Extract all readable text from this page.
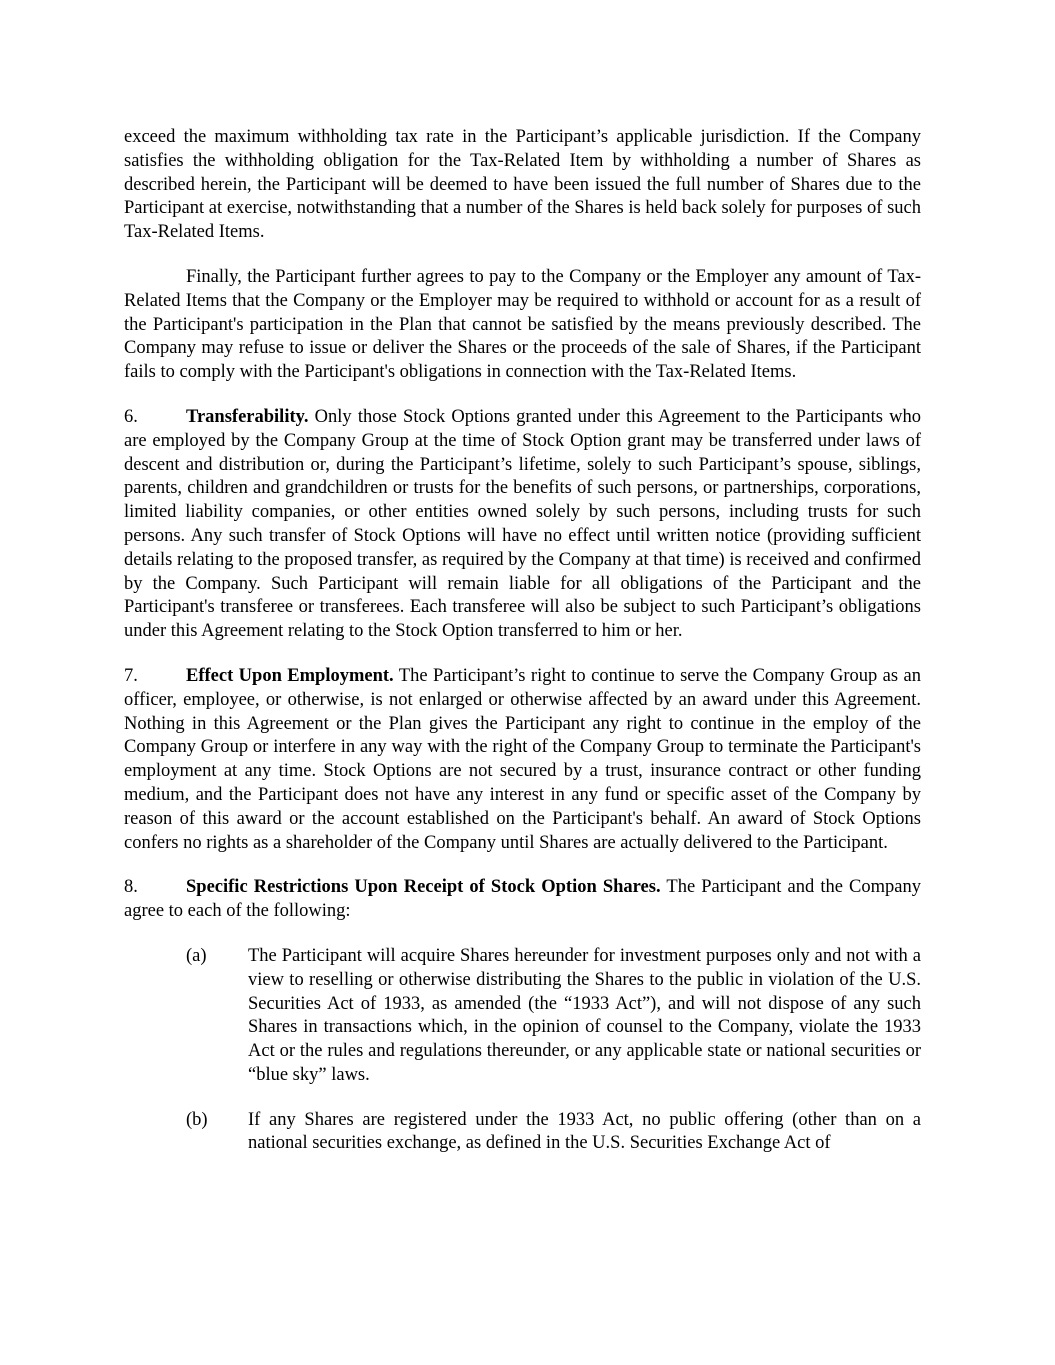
exceed the maximum withholding tax rate in the Participant’s applicable jurisdiction. If the Company satisfies the withholding obligation for the Tax-Related Item by withholding a number of Shares as described herein, the Participant will be deemed to have been issued the full number of Shares due to the Participant at exercise, notwithstanding that a number of the Shares is held back solely for purposes of such Tax-Related Items.

Finally, the Participant further agrees to pay to the Company or the Employer any amount of Tax-Related Items that the Company or the Employer may be required to withhold or account for as a result of the Participant's participation in the Plan that cannot be satisfied by the means previously described. The Company may refuse to issue or deliver the Shares or the proceeds of the sale of Shares, if the Participant fails to comply with the Participant's obligations in connection with the Tax-Related Items.

6.	Transferability. Only those Stock Options granted under this Agreement to the Participants who are employed by the Company Group at the time of Stock Option grant may be transferred under laws of descent and distribution or, during the Participant’s lifetime, solely to such Participant’s spouse, siblings, parents, children and grandchildren or trusts for the benefits of such persons, or partnerships, corporations, limited liability companies, or other entities owned solely by such persons, including trusts for such persons. Any such transfer of Stock Options will have no effect until written notice (providing sufficient details relating to the proposed transfer, as required by the Company at that time) is received and confirmed by the Company. Such Participant will remain liable for all obligations of the Participant and the Participant's transferee or transferees. Each transferee will also be subject to such Participant’s obligations under this Agreement relating to the Stock Option transferred to him or her.

7.	Effect Upon Employment. The Participant’s right to continue to serve the Company Group as an officer, employee, or otherwise, is not enlarged or otherwise affected by an award under this Agreement. Nothing in this Agreement or the Plan gives the Participant any right to continue in the employ of the Company Group or interfere in any way with the right of the Company Group to terminate the Participant's employment at any time. Stock Options are not secured by a trust, insurance contract or other funding medium, and the Participant does not have any interest in any fund or specific asset of the Company by reason of this award or the account established on the Participant's behalf. An award of Stock Options confers no rights as a shareholder of the Company until Shares are actually delivered to the Participant.

8.	Specific Restrictions Upon Receipt of Stock Option Shares. The Participant and the Company agree to each of the following:

(a) The Participant will acquire Shares hereunder for investment purposes only and not with a view to reselling or otherwise distributing the Shares to the public in violation of the U.S. Securities Act of 1933, as amended (the “1933 Act”), and will not dispose of any such Shares in transactions which, in the opinion of counsel to the Company, violate the 1933 Act or the rules and regulations thereunder, or any applicable state or national securities or “blue sky” laws.

(b) If any Shares are registered under the 1933 Act, no public offering (other than on a national securities exchange, as defined in the U.S. Securities Exchange Act of
